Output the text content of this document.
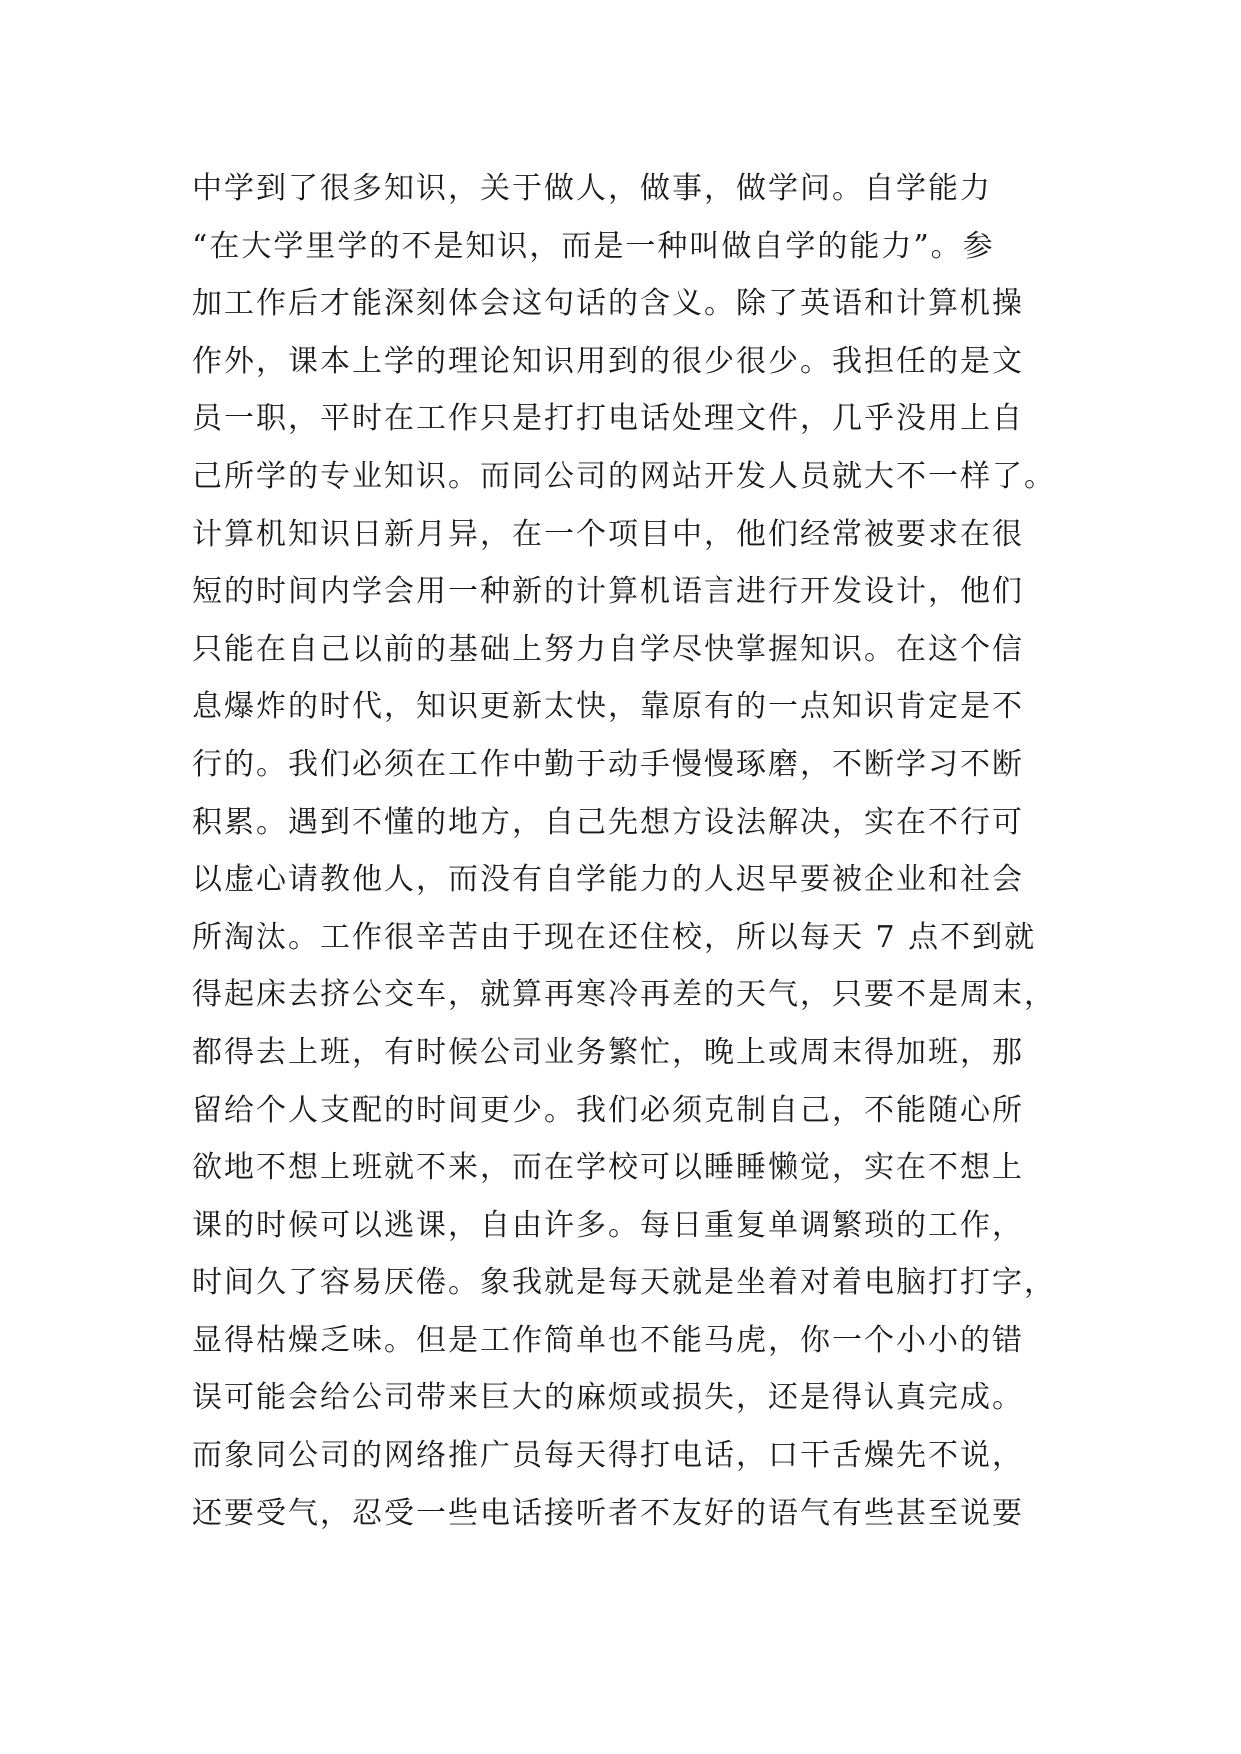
中学到了很多知识，关于做人，做事，做学问。自学能力
“在大学里学的不是知识，而是一种叫做自学的能力”。参
加工作后才能深刻体会这句话的含义。除了英语和计算机操
作外，课本上学的理论知识用到的很少很少。我担任的是文
员一职，平时在工作只是打打电话处理文件，几乎没用上自
己所学的专业知识。而同公司的网站开发人员就大不一样了。
计算机知识日新月异，在一个项目中，他们经常被要求在很
短的时间内学会用一种新的计算机语言进行开发设计，他们
只能在自己以前的基础上努力自学尽快掌握知识。在这个信
息爆炸的时代，知识更新太快，靠原有的一点知识肯定是不
行的。我们必须在工作中勤于动手慢慢琢磨，不断学习不断
积累。遇到不懂的地方，自己先想方设法解决，实在不行可
以虚心请教他人，而没有自学能力的人迟早要被企业和社会
所淘汰。工作很辛苦由于现在还住校，所以每天 7 点不到就
得起床去挤公交车，就算再寒冷再差的天气，只要不是周末，
都得去上班，有时候公司业务繁忙，晚上或周末得加班，那
留给个人支配的时间更少。我们必须克制自己，不能随心所
欲地不想上班就不来，而在学校可以睡睡懒觉，实在不想上
课的时候可以逃课，自由许多。每日重复单调繁琐的工作，
时间久了容易厌倦。象我就是每天就是坐着对着电脑打打字，
显得枯燥乏味。但是工作简单也不能马虎，你一个小小的错
误可能会给公司带来巨大的麻烦或损失，还是得认真完成。
而象同公司的网络推广员每天得打电话，口干舌燥先不说，
还要受气，忍受一些电话接听者不友好的语气有些甚至说要
